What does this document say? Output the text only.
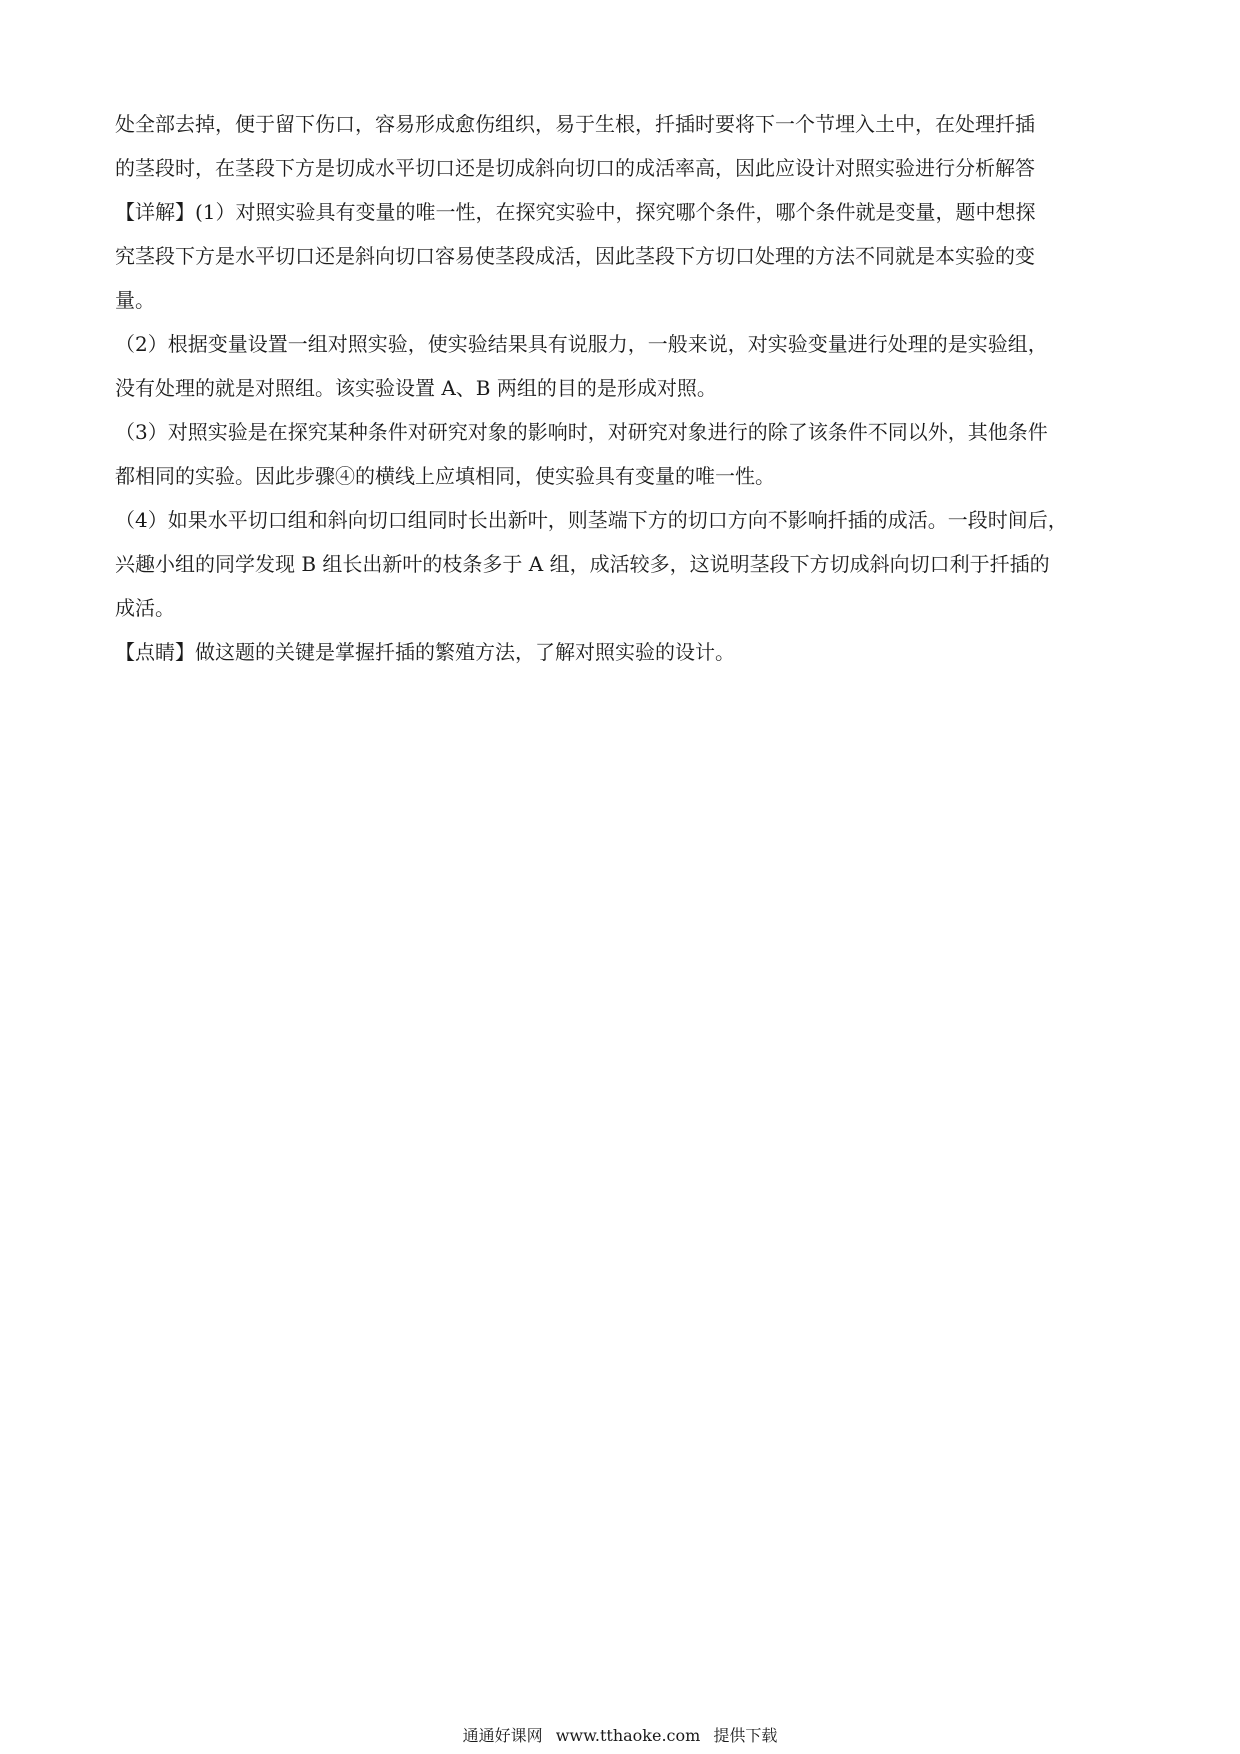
处全部去掉，便于留下伤口，容易形成愈伤组织，易于生根，扦插时要将下一个节埋入土中，在处理扦插
的茎段时，在茎段下方是切成水平切口还是切成斜向切口的成活率高，因此应设计对照实验进行分析解答
【详解】(1）对照实验具有变量的唯一性，在探究实验中，探究哪个条件，哪个条件就是变量，题中想探
究茎段下方是水平切口还是斜向切口容易使茎段成活，因此茎段下方切口处理的方法不同就是本实验的变
量。
（2）根据变量设置一组对照实验，使实验结果具有说服力，一般来说，对实验变量进行处理的是实验组，
没有处理的就是对照组。该实验设置 A、B 两组的目的是形成对照。
（3）对照实验是在探究某种条件对研究对象的影响时，对研究对象进行的除了该条件不同以外，其他条件
都相同的实验。因此步骤④的横线上应填相同，使实验具有变量的唯一性。
（4）如果水平切口组和斜向切口组同时长出新叶，则茎端下方的切口方向不影响扦插的成活。一段时间后，
兴趣小组的同学发现 B 组长出新叶的枝条多于 A 组，成活较多，这说明茎段下方切成斜向切口利于扦插的
成活。
【点睛】做这题的关键是掌握扦插的繁殖方法，了解对照实验的设计。
通通好课网 www.tthaoke.com 提供下载
